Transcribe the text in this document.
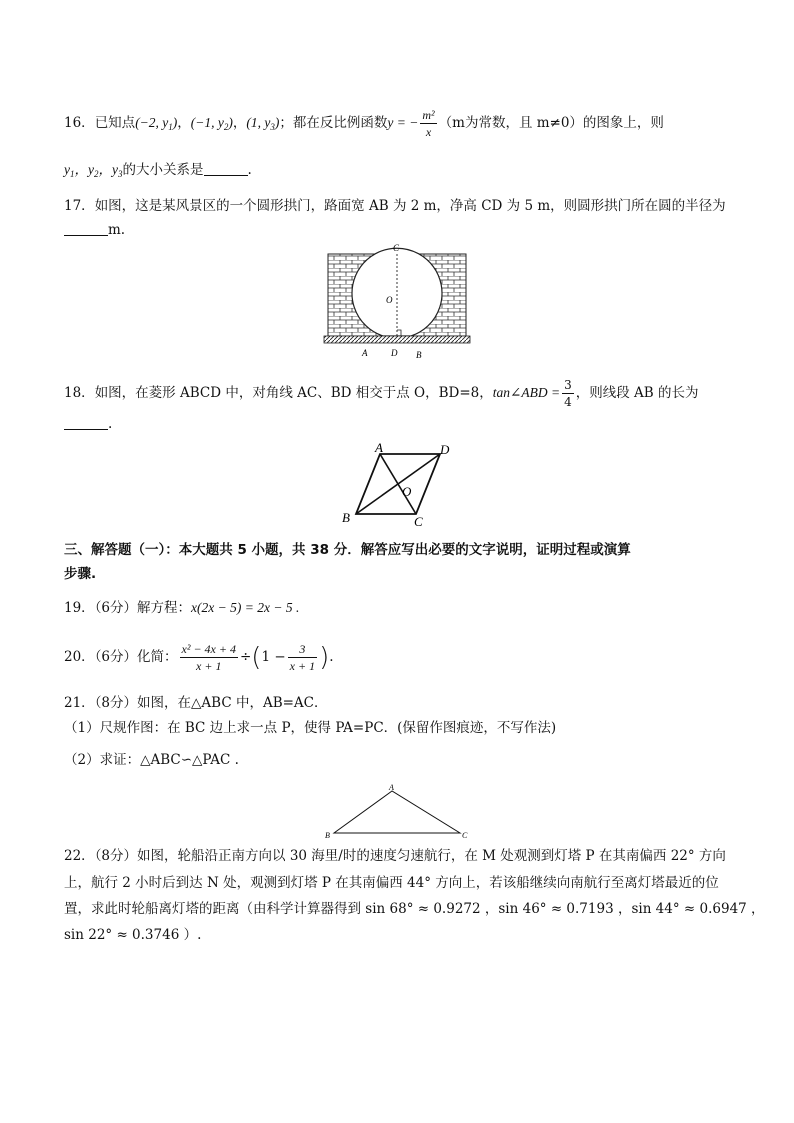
16．已知点(−2, $y_1$)，(−1, $y_2$)，(1, $y_3$)；都在反比例函数y = − $\frac{\text{m²}}{x} (m$为常数，且 m≠0）的图象上，则
$y_1$，$y_2$，$y_3$的大小关系是	.
17．如图，这是某风景区的一个圆形拱门，路面宽 AB 为 2 m，净高 CD 为 5 m，则圆形拱门所在圆的半径为
m.
C
O
A	D B
18．如图，在菱形 ABCD 中，对角线 AC、BD 相交于点 O，BD=8，tan∠ABD = $\frac{3}{4}$ ，则线段 AB 的长为
.
A	D
B	C
O
三、解答题（一）：本大题共 5 小题，共 38 分．解答应写出必要的文字说明，证明过程或演算
步骤.
19．（6分）解方程：x(2x − 5) = 2x − 5 .
20．（6分）化简： $\frac{\text{x² − 4x + 4}}{x + 1} \div(1 - \frac{3}{x + 1}$ ).
21．（8分）如图，在△ABC 中，AB=AC．
（1）尺规作图：在 BC 边上求一点 P，使得 PA=PC．(保留作图痕迹，不写作法)
（2）求证：△ABC∽△PAC .
A
B	C
22．（8分）如图，轮船沿正南方向以 30 海里/时的速度匀速航行，在 M 处观测到灯塔 P 在其南偏西 22° 方向
上，航行 2 小时后到达 N 处，观测到灯塔 P 在其南偏西 44° 方向上，若该船继续向南航行至离灯塔最近的位
置，求此时轮船离灯塔的距离（由科学计算器得到 sin 68° ≈ 0.9272 ，sin 46° ≈ 0.7193 ，sin 44° ≈ 0.6947 ，
sin 22° ≈ 0.3746 ）.
